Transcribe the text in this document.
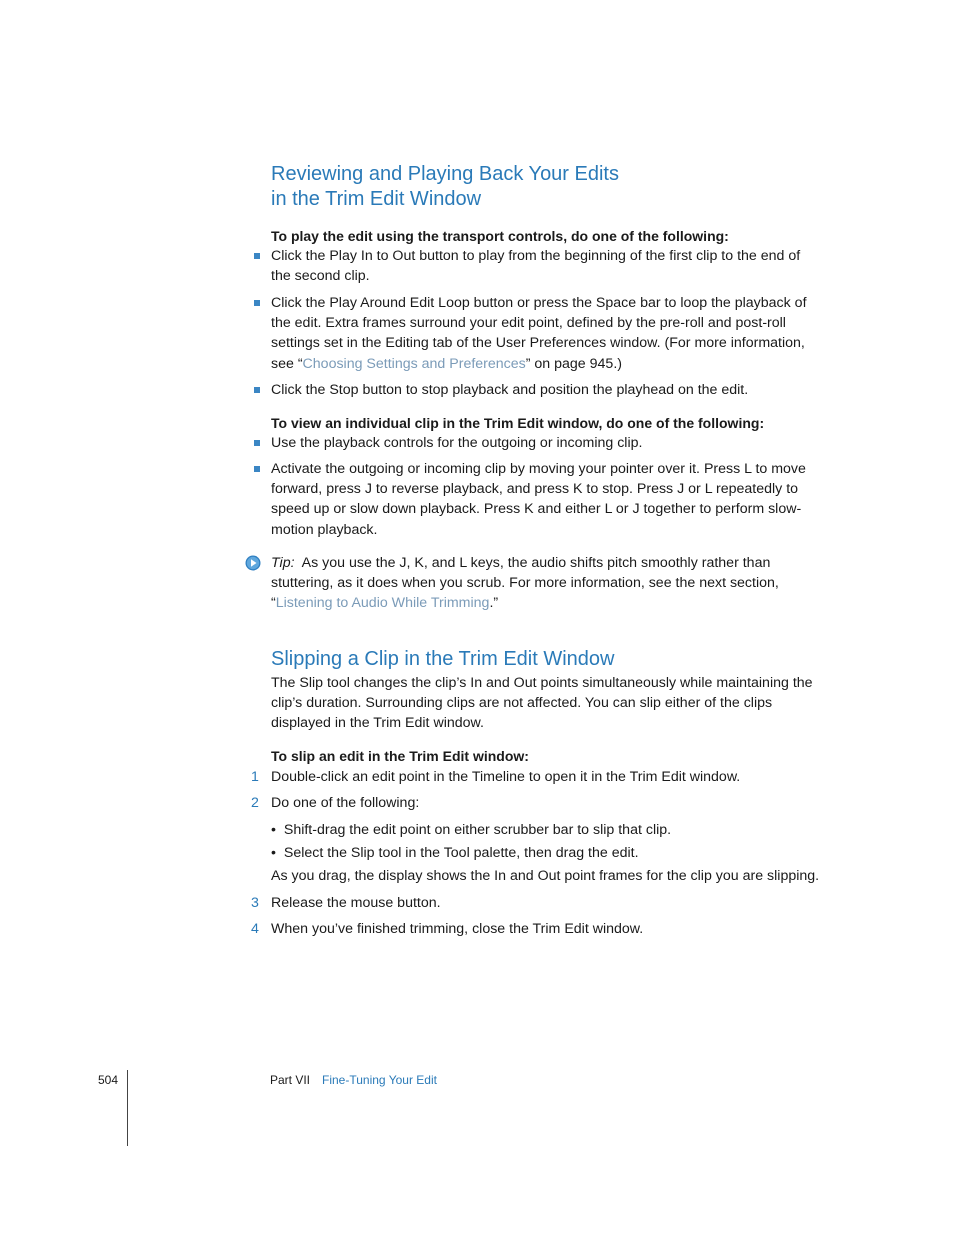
Reviewing and Playing Back Your Edits
in the Trim Edit Window
To play the edit using the transport controls, do one of the following:
Click the Play In to Out button to play from the beginning of the first clip to the end of
the second clip.
Click the Play Around Edit Loop button or press the Space bar to loop the playback of
the edit. Extra frames surround your edit point, defined by the pre-roll and post-roll
settings set in the Editing tab of the User Preferences window. (For more information,
see “Choosing Settings and Preferences” on page 945.)
Click the Stop button to stop playback and position the playhead on the edit.
To view an individual clip in the Trim Edit window, do one of the following:
Use the playback controls for the outgoing or incoming clip.
Activate the outgoing or incoming clip by moving your pointer over it. Press L to move
forward, press J to reverse playback, and press K to stop. Press J or L repeatedly to
speed up or slow down playback. Press K and either L or J together to perform slow-
motion playback.
Tip: As you use the J, K, and L keys, the audio shifts pitch smoothly rather than
stuttering, as it does when you scrub. For more information, see the next section,
“Listening to Audio While Trimming.”
Slipping a Clip in the Trim Edit Window
The Slip tool changes the clip’s In and Out points simultaneously while maintaining the
clip’s duration. Surrounding clips are not affected. You can slip either of the clips
displayed in the Trim Edit window.
To slip an edit in the Trim Edit window:
1 Double-click an edit point in the Timeline to open it in the Trim Edit window.
2 Do one of the following:
• Shift-drag the edit point on either scrubber bar to slip that clip.
• Select the Slip tool in the Tool palette, then drag the edit.
As you drag, the display shows the In and Out point frames for the clip you are slipping.
3 Release the mouse button.
4 When you’ve finished trimming, close the Trim Edit window.
504	Part VII Fine-Tuning Your Edit
